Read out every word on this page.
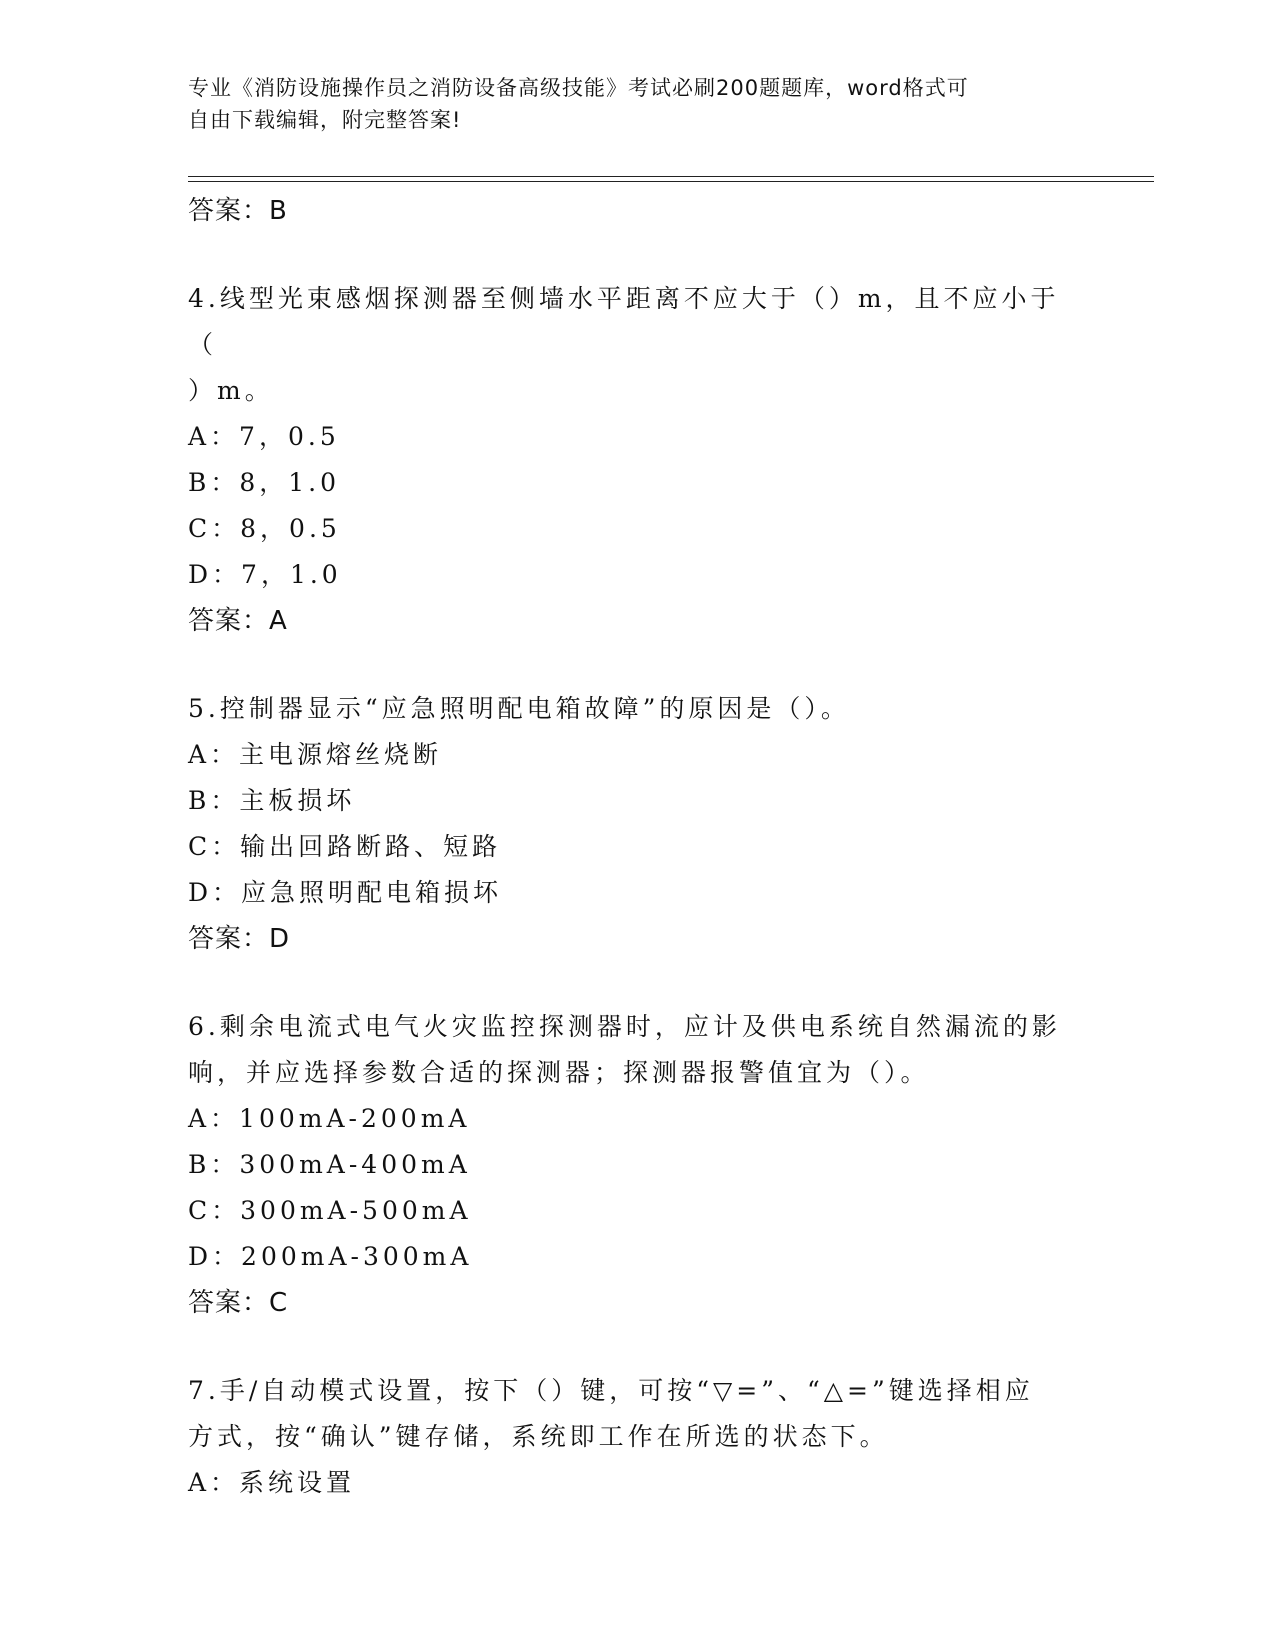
专业《消防设施操作员之消防设备高级技能》考试必刷200题题库，word格式可
自由下载编辑，附完整答案!
答案：B
4.线型光束感烟探测器至侧墙水平距离不应大于（）m，且不应小于（
）m。
A：7，0.5
B：8，1.0
C：8，0.5
D：7，1.0
答案：A
5.控制器显示“应急照明配电箱故障”的原因是（）。
A：主电源熔丝烧断
B：主板损坏
C：输出回路断路、短路
D：应急照明配电箱损坏
答案：D
6.剩余电流式电气火灾监控探测器时，应计及供电系统自然漏流的影
响，并应选择参数合适的探测器；探测器报警值宜为（）。
A：100mA-200mA
B：300mA-400mA
C：300mA-500mA
D：200mA-300mA
答案：C
7.手/自动模式设置，按下（）键，可按“▽=”、“△=”键选择相应
方式，按“确认”键存储，系统即工作在所选的状态下。
A：系统设置
